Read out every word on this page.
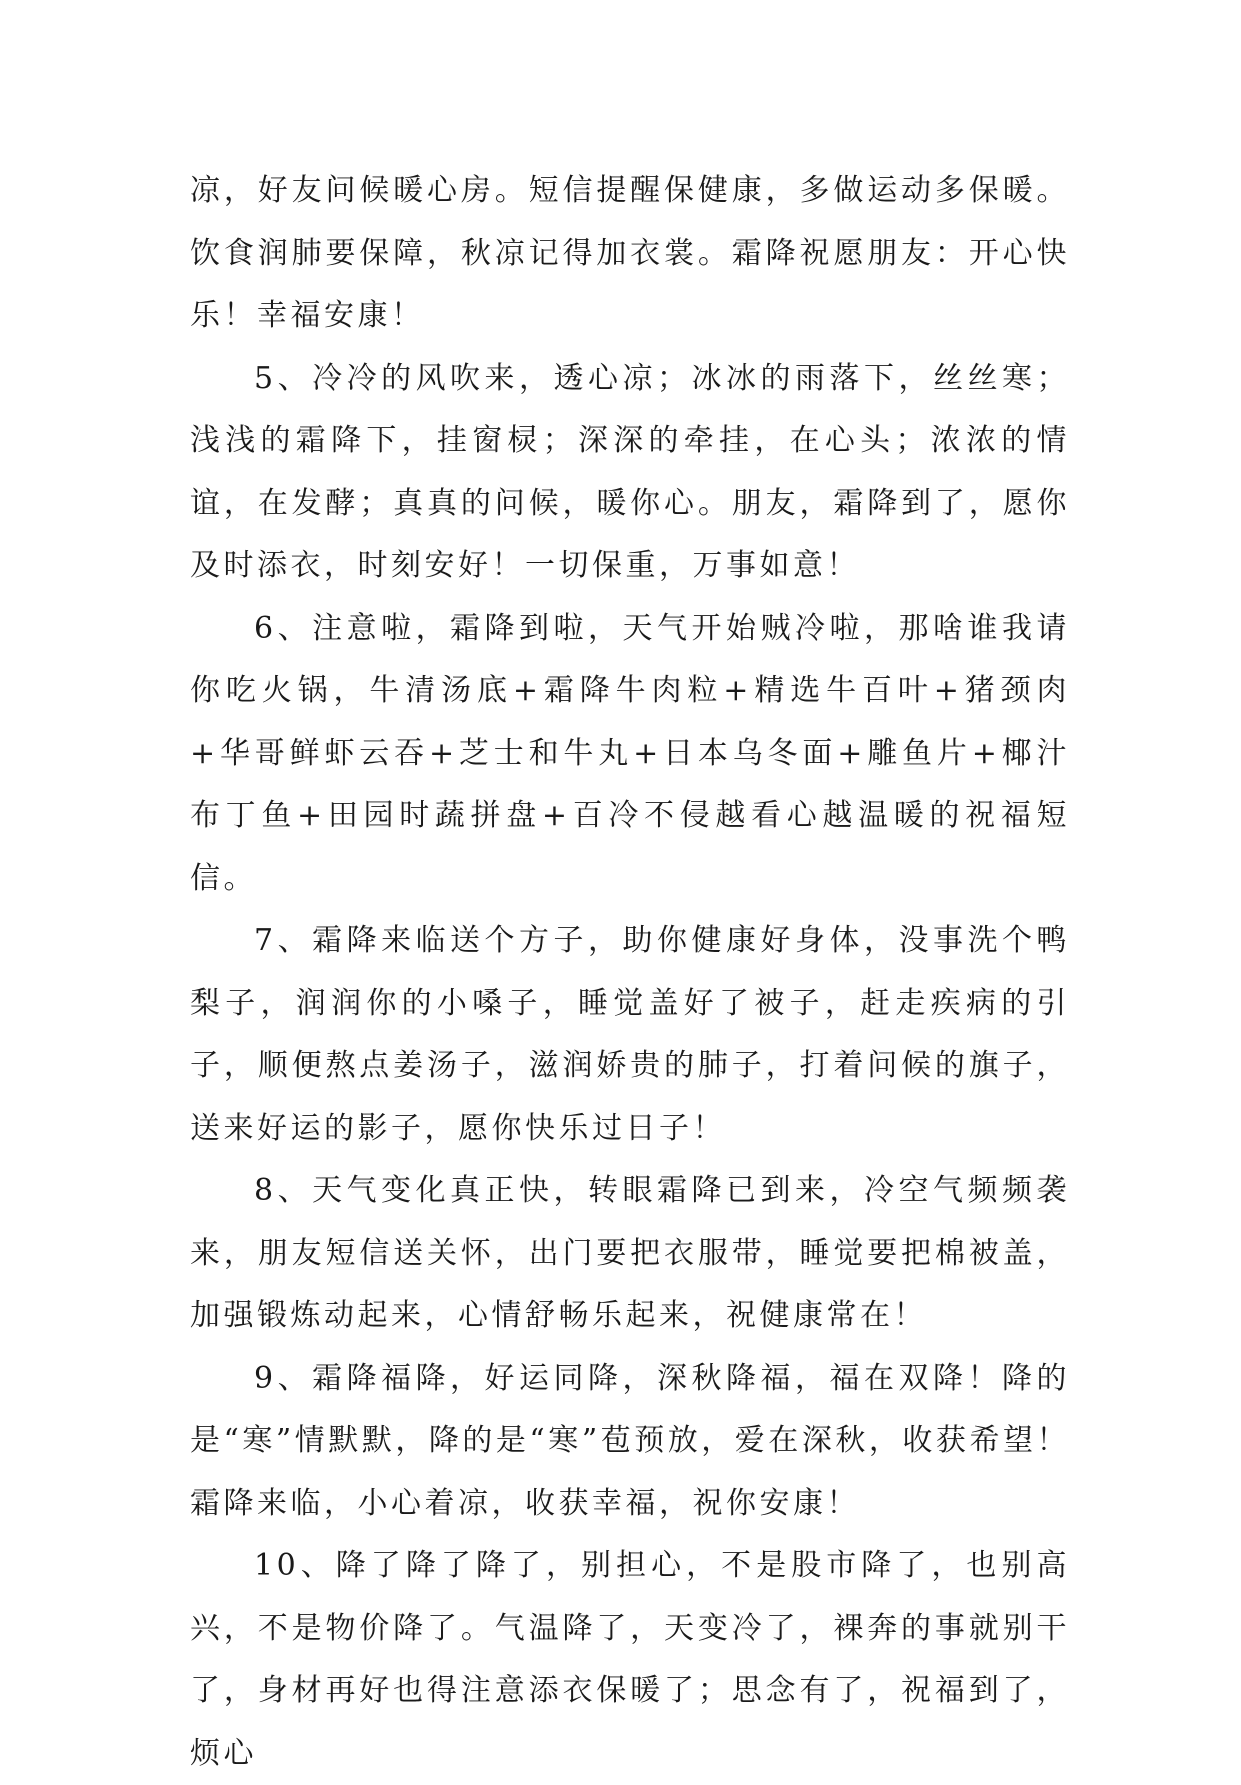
凉，好友问候暖心房。短信提醒保健康，多做运动多保暖。饮食润肺要保障，秋凉记得加衣裳。霜降祝愿朋友：开心快乐！幸福安康！

5、冷冷的风吹来，透心凉；冰冰的雨落下，丝丝寒；浅浅的霜降下，挂窗棂；深深的牵挂，在心头；浓浓的情谊，在发酵；真真的问候，暖你心。朋友，霜降到了，愿你及时添衣，时刻安好！一切保重，万事如意！

6、注意啦，霜降到啦，天气开始贼冷啦，那啥谁我请你吃火锅，牛清汤底+霜降牛肉粒+精选牛百叶+猪颈肉+华哥鲜虾云吞+芝士和牛丸+日本乌冬面+雕鱼片+椰汁布丁鱼+田园时蔬拼盘+百冷不侵越看心越温暖的祝福短信。

7、霜降来临送个方子，助你健康好身体，没事洗个鸭梨子，润润你的小嗓子，睡觉盖好了被子，赶走疾病的引子，顺便熬点姜汤子，滋润娇贵的肺子，打着问候的旗子，送来好运的影子，愿你快乐过日子！

8、天气变化真正快，转眼霜降已到来，冷空气频频袭来，朋友短信送关怀，出门要把衣服带，睡觉要把棉被盖，加强锻炼动起来，心情舒畅乐起来，祝健康常在！

9、霜降福降，好运同降，深秋降福，福在双降！降的是“寒”情默默，降的是“寒”苞预放，爱在深秋，收获希望！霜降来临，小心着凉，收获幸福，祝你安康！

10、降了降了降了，别担心，不是股市降了，也别高兴，不是物价降了。气温降了，天变冷了，裸奔的事就别干了，身材再好也得注意添衣保暖了；思念有了，祝福到了，烦心
